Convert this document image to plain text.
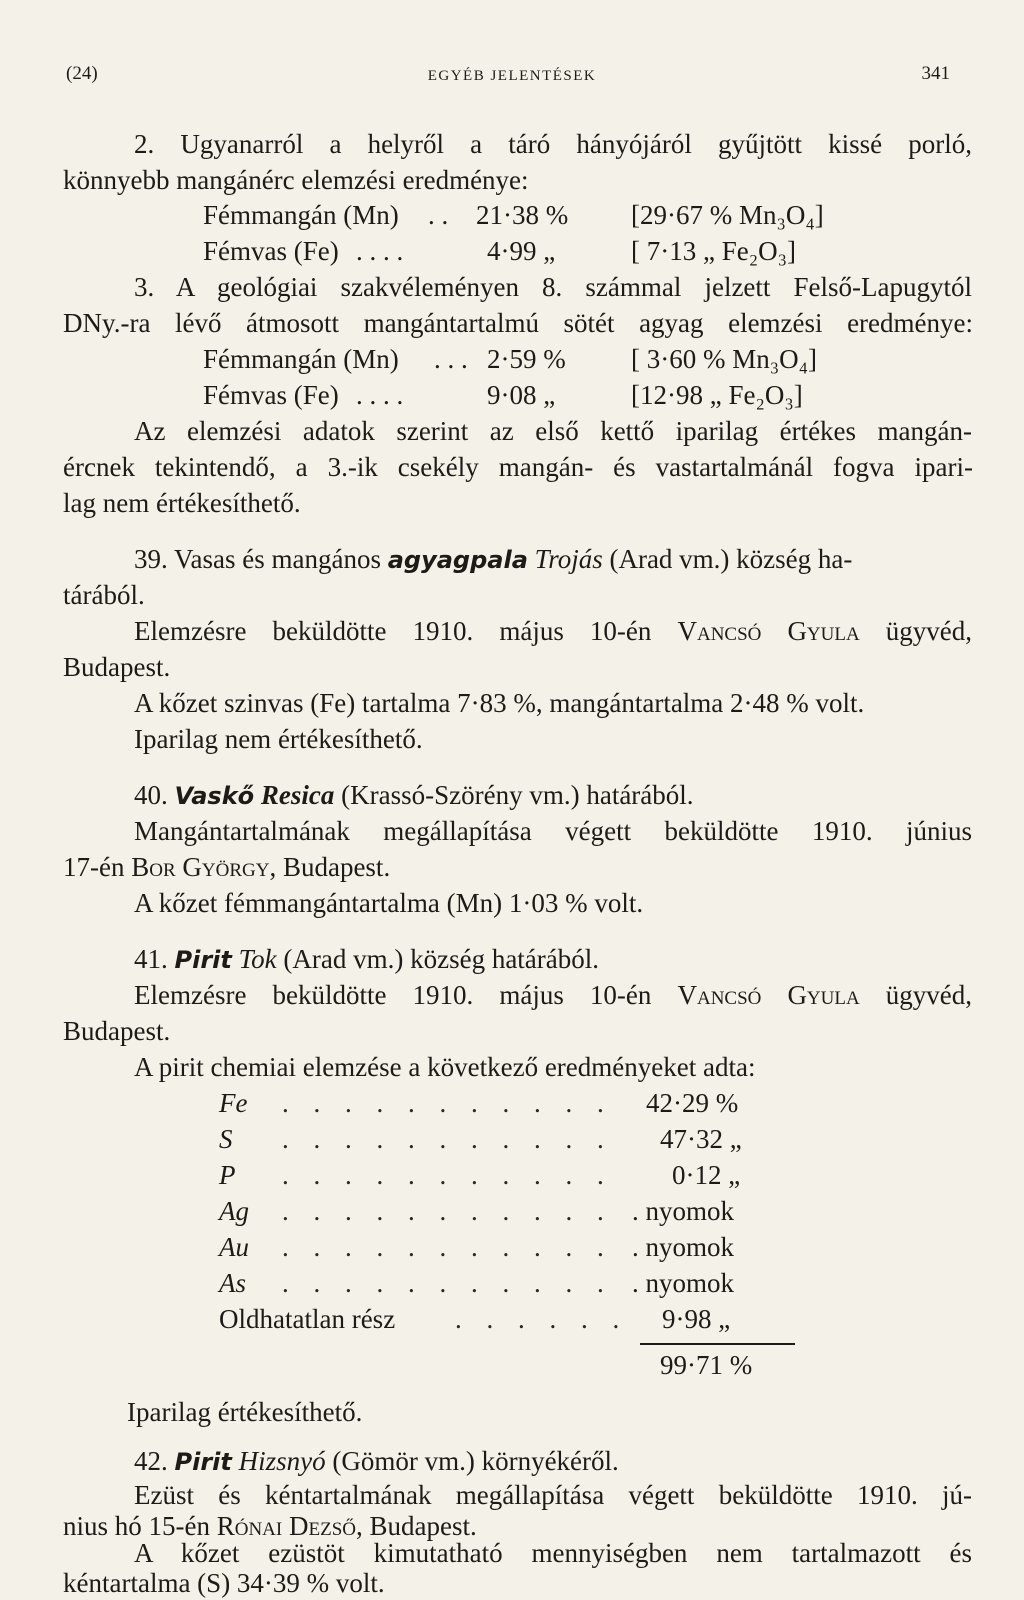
(24)	EGYÉB JELENTÉSEK	341
2. Ugyanarról a helyről a táró hányójáról gyűjtött kissé porló,
könnyebb mangánérc elemzési eredménye:
Fémmangán (Mn) . . 21·38 % [29·67 % Mn₃O₄]
Fémvas (Fe) . . . .	4·99 „	[ 7·13 „ Fe₂O₃]
3. A geológiai szakvéleményen 8. számmal jelzett Felső-Lapugytól
DNy.-ra lévő átmosott mangántartalmú sötét agyag elemzési eredménye:
Fémmangán (Mn) . . . 2·59 % [ 3·60 % Mn₃O₄]
Fémvas (Fe) . . . .	9·08 „	[12·98 „ Fe₂O₃]
Az elemzési adatok szerint az első kettő iparilag értékes mangán-
ércnek tekintendő, a 3.-ik csekély mangán- és vastartalmánál fogva ipari-
lag nem értékesíthető.
39. Vasas és mangános agyagpala Trojás (Arad vm.) község ha-
tárából.
Elemzésre beküldötte 1910. május 10-én Vancsó Gyula ügyvéd,
Budapest.
A kőzet szinvas (Fe) tartalma 7·83 %, mangántartalma 2·48 % volt.
Iparilag nem értékesíthető.
40. Vaskő Resica (Krassó-Szörény vm.) határából.
Mangántartalmának megállapítása végett beküldötte 1910. június
17-én Bor György, Budapest.
A kőzet fémmangántartalma (Mn) 1·03 % volt.
41. Pirit Tok (Arad vm.) község határából.
Elemzésre beküldötte 1910. május 10-én Vancsó Gyula ügyvéd,
Budapest.
A pirit chemiai elemzése a következő eredményeket adta:
Fe . . . . . . . . . . .	42·29 %
S . . . . . . . . . . .	47·32 „
P . . . . . . . . . . .	0·12 „
Ag . . . . . . . . . . . . nyomok
Au . . . . . . . . . . . . nyomok
As . . . . . . . . . . . . nyomok
Oldhatatlan rész . . . . . .	9·98 „
99·71 %
Iparilag értékesíthető.
42. Pirit Hizsnyó (Gömör vm.) környékéről.
Ezüst és kéntartalmának megállapítása végett beküldötte 1910. jú-
nius hó 15-én Rónai Dezső, Budapest.
A kőzet ezüstöt kimutatható mennyiségben nem tartalmazott és
kéntartalma (S) 34·39 % volt.
